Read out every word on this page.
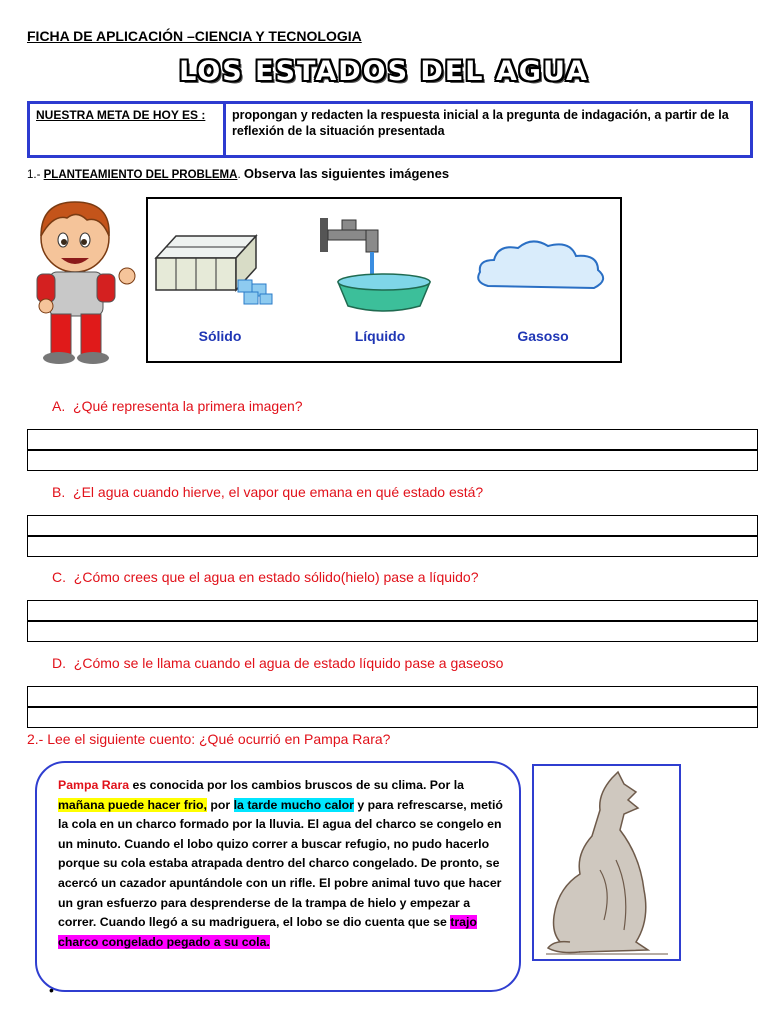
FICHA DE APLICACIÓN –CIENCIA Y TECNOLOGIA
LOS ESTADOS DEL AGUA
NUESTRA META DE HOY ES :	propongan y redacten la respuesta inicial a la pregunta de indagación, a partir de la reflexión de la situación presentada
1.- PLANTEAMIENTO DEL PROBLEMA. Observa las siguientes imágenes
Sólido	Líquido	Gasoso
A. ¿Qué representa la primera imagen?
B. ¿El agua cuando hierve, el vapor que emana en qué estado está?
C. ¿Cómo crees que el agua en estado sólido(hielo) pase a líquido?
D. ¿Cómo se le llama cuando el agua de estado líquido pase a gaseoso
2.- Lee el siguiente cuento: ¿Qué ocurrió en Pampa Rara?
Pampa Rara es conocida por los cambios bruscos de su clima. Por la mañana puede hacer frio, por la tarde mucho calor y para refrescarse, metió la cola en un charco formado por la lluvia. El agua del charco se congelo en un minuto. Cuando el lobo quizo correr a buscar refugio, no pudo hacerlo porque su cola estaba atrapada dentro del charco congelado. De pronto, se acercó un cazador apuntándole con un rifle. El pobre animal tuvo que hacer un gran esfuerzo para desprenderse de la trampa de hielo y empezar a correr. Cuando llegó a su madriguera, el lobo se dio cuenta que se trajo charco congelado pegado a su cola.
•
